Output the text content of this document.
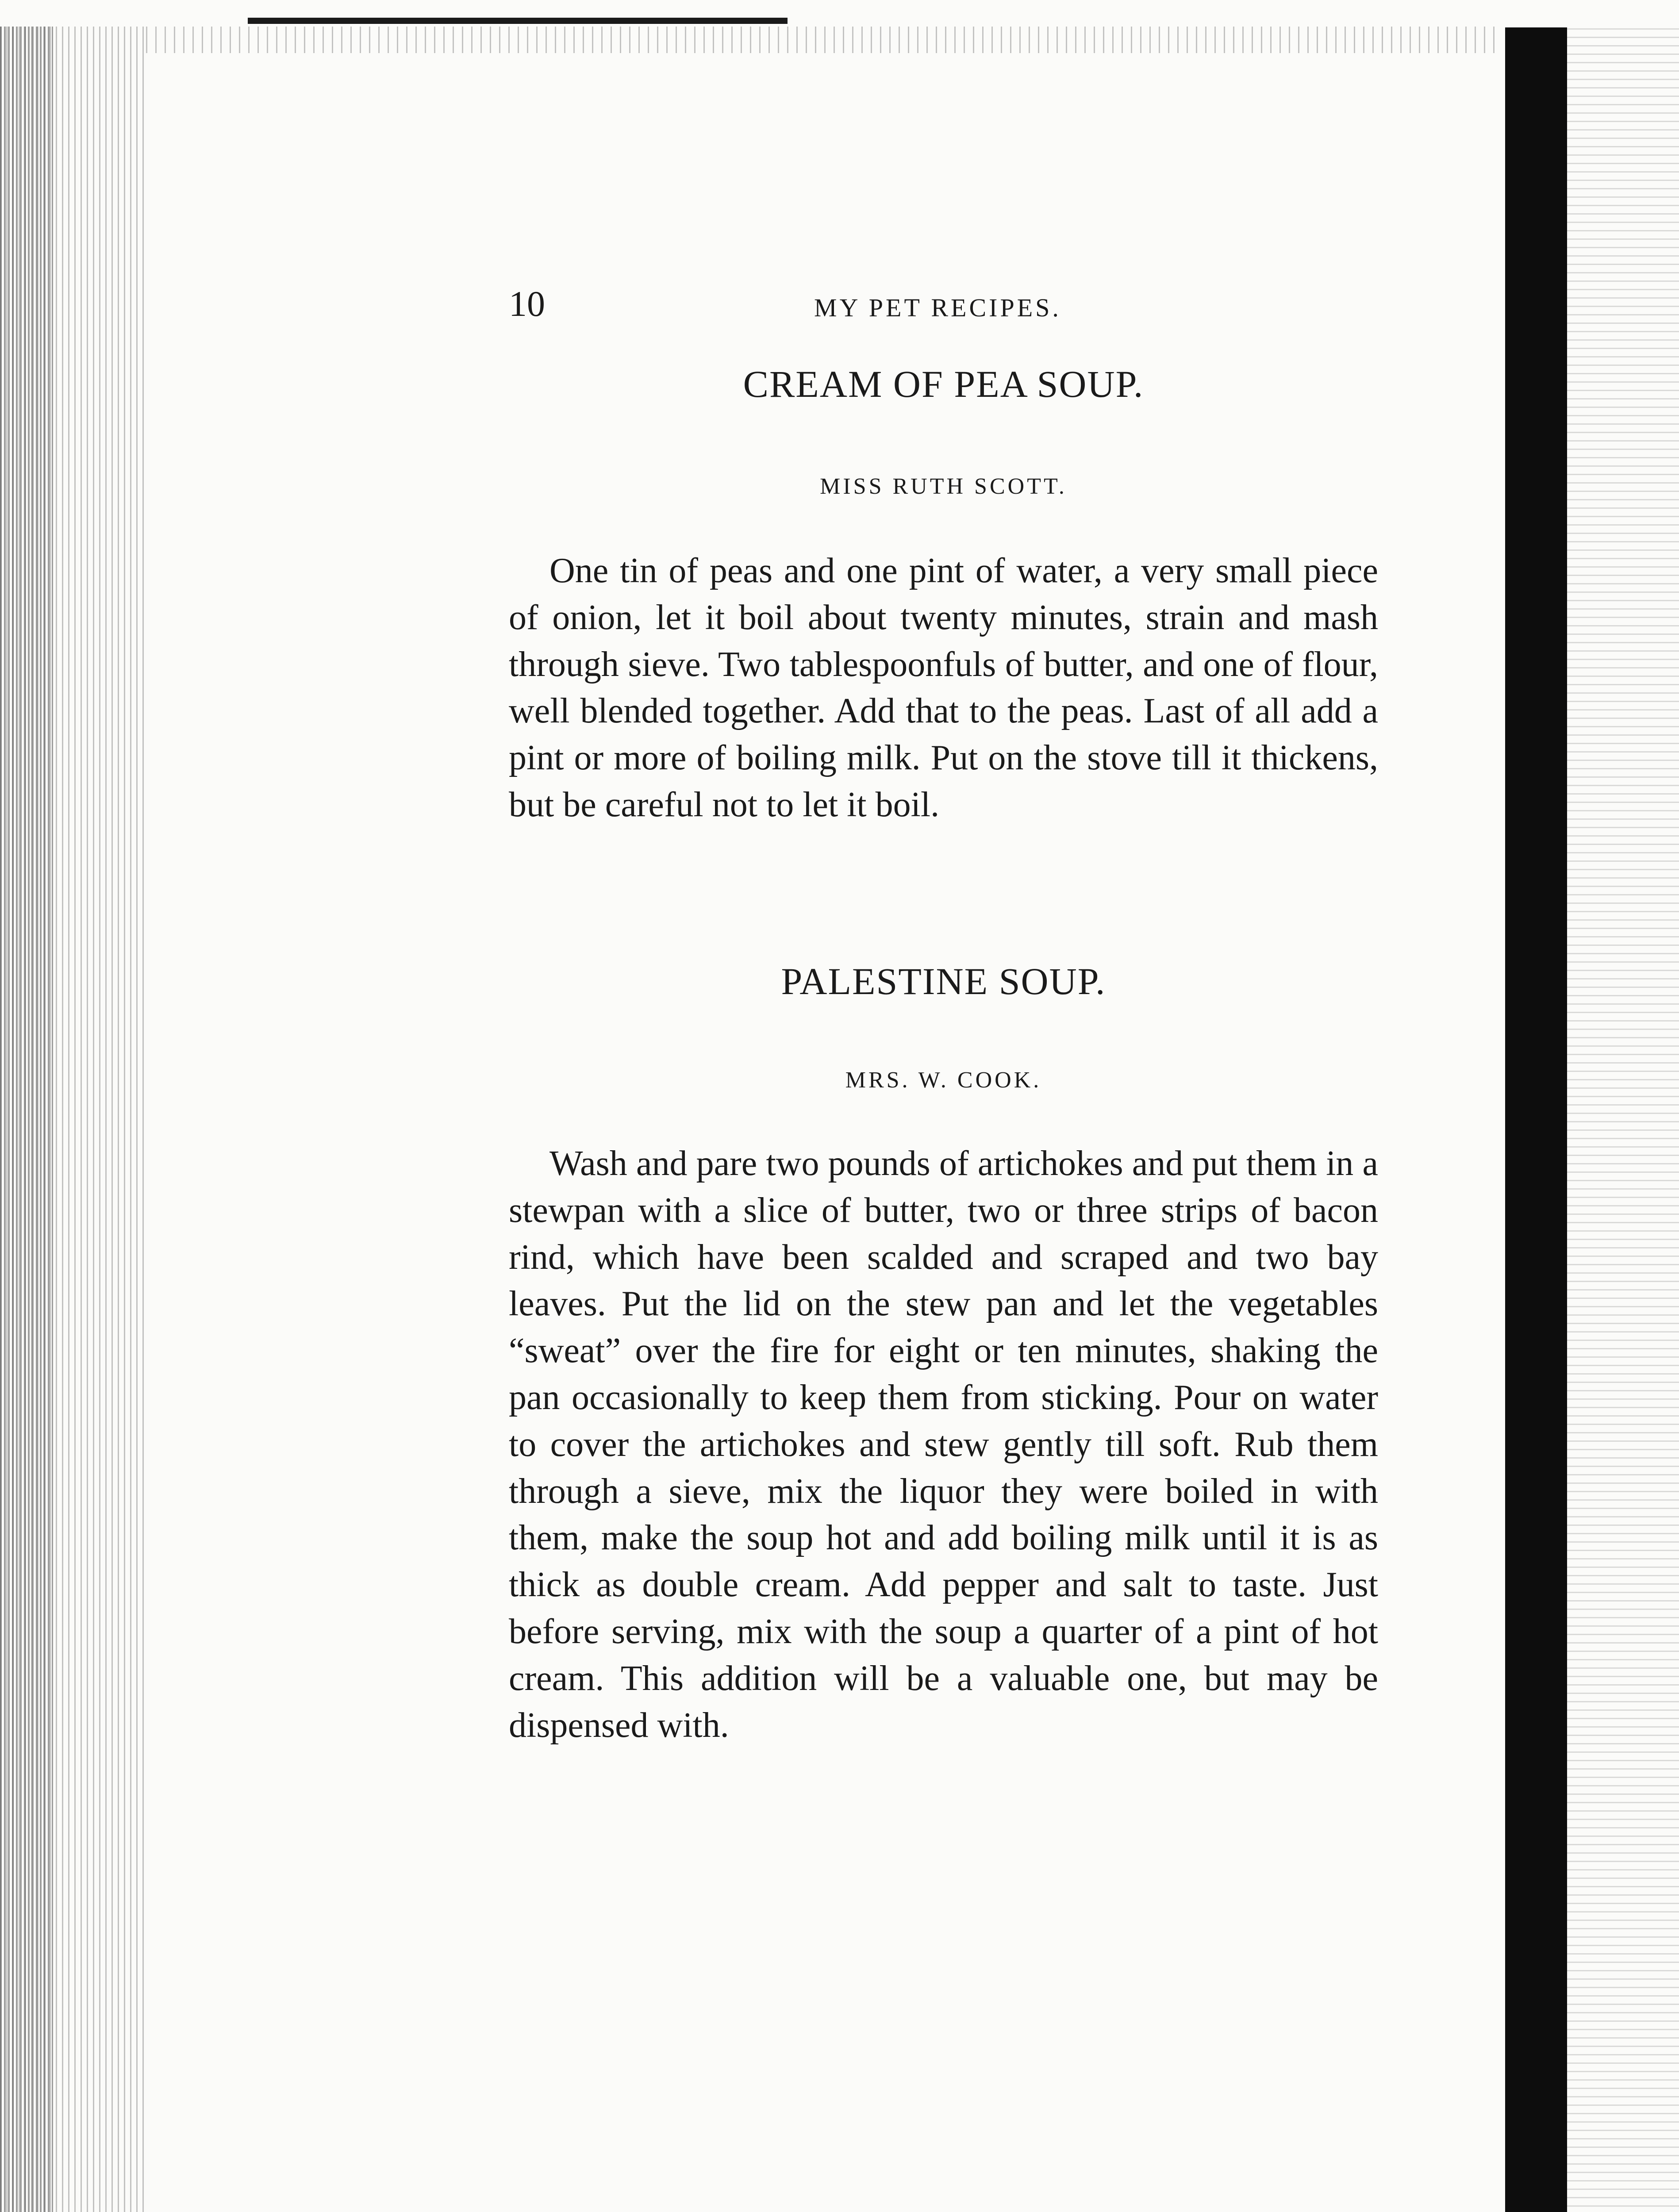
10	MY PET RECIPES.
CREAM OF PEA SOUP.
MISS RUTH SCOTT.

One tin of peas and one pint of water, a very small piece of onion, let it boil about twenty minutes, strain and mash through sieve. Two tablespoonfuls of butter, and one of flour, well blended together. Add that to the peas. Last of all add a pint or more of boiling milk. Put on the stove till it thickens, but be careful not to let it boil.

PALESTINE SOUP.
MRS. W. COOK.

Wash and pare two pounds of artichokes and put them in a stewpan with a slice of butter, two or three strips of bacon rind, which have been scalded and scraped and two bay leaves. Put the lid on the stew pan and let the vegetables “sweat” over the fire for eight or ten minutes, shaking the pan occasionally to keep them from sticking. Pour on water to cover the artichokes and stew gently till soft. Rub them through a sieve, mix the liquor they were boiled in with them, make the soup hot and add boiling milk until it is as thick as double cream. Add pepper and salt to taste. Just before serving, mix with the soup a quarter of a pint of hot cream. This addition will be a valuable one, but may be dispensed with.
